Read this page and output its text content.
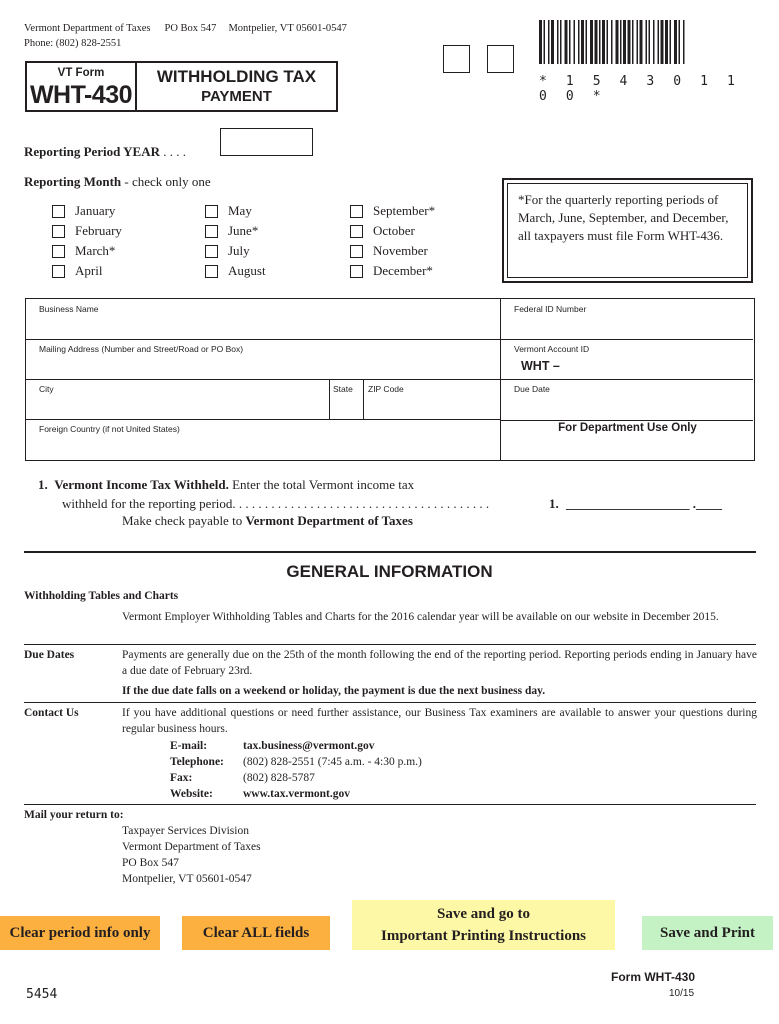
Vermont Department of Taxes PO Box 547 Montpelier, VT 05601-0547
Phone: (802) 828-2551
VT Form
WHT-430
WITHHOLDING TAX
PAYMENT
* 1 5 4 3 0 1 1 0 0 *
Reporting Period YEAR . . . .
Reporting Month - check only one
January
February
March*
April
May
June*
July
August
September*
October
November
December*
*For the quarterly reporting periods of March, June, September, and December, all taxpayers must file Form WHT-436.
Business Name	Federal ID Number
Mailing Address (Number and Street/Road or PO Box)	Vermont Account ID
WHT –
City	State ZIP Code	Due Date
Foreign Country (if not United States)	For Department Use Only
1. Vermont Income Tax Withheld. Enter the total Vermont income tax
withheld for the reporting period. . . . . . . . . . . . . . . . . . . . . . . . . . . . . . . . . . . . . . . .	1. ___________________ .____
Make check payable to Vermont Department of Taxes
GENERAL INFORMATION
Withholding Tables and Charts
Vermont Employer Withholding Tables and Charts for the 2016 calendar year will be available on our website in December 2015.
Due Dates	Payments are generally due on the 25th of the month following the end of the reporting period. Reporting periods ending in January have a due date of February 23rd.
If the due date falls on a weekend or holiday, the payment is due the next business day.
Contact Us	If you have additional questions or need further assistance, our Business Tax examiners are available to answer your questions during regular business hours.
E-mail:	tax.business@vermont.gov
Telephone: (802) 828-2551 (7:45 a.m. - 4:30 p.m.)
Fax:	(802) 828-5787
Website:	www.tax.vermont.gov
Mail your return to:
Taxpayer Services Division
Vermont Department of Taxes
PO Box 547
Montpelier, VT 05601-0547
Clear period info only	Clear ALL fields
Save and go to
Important Printing Instructions	Save and Print
5454
Form WHT-430
10/15
